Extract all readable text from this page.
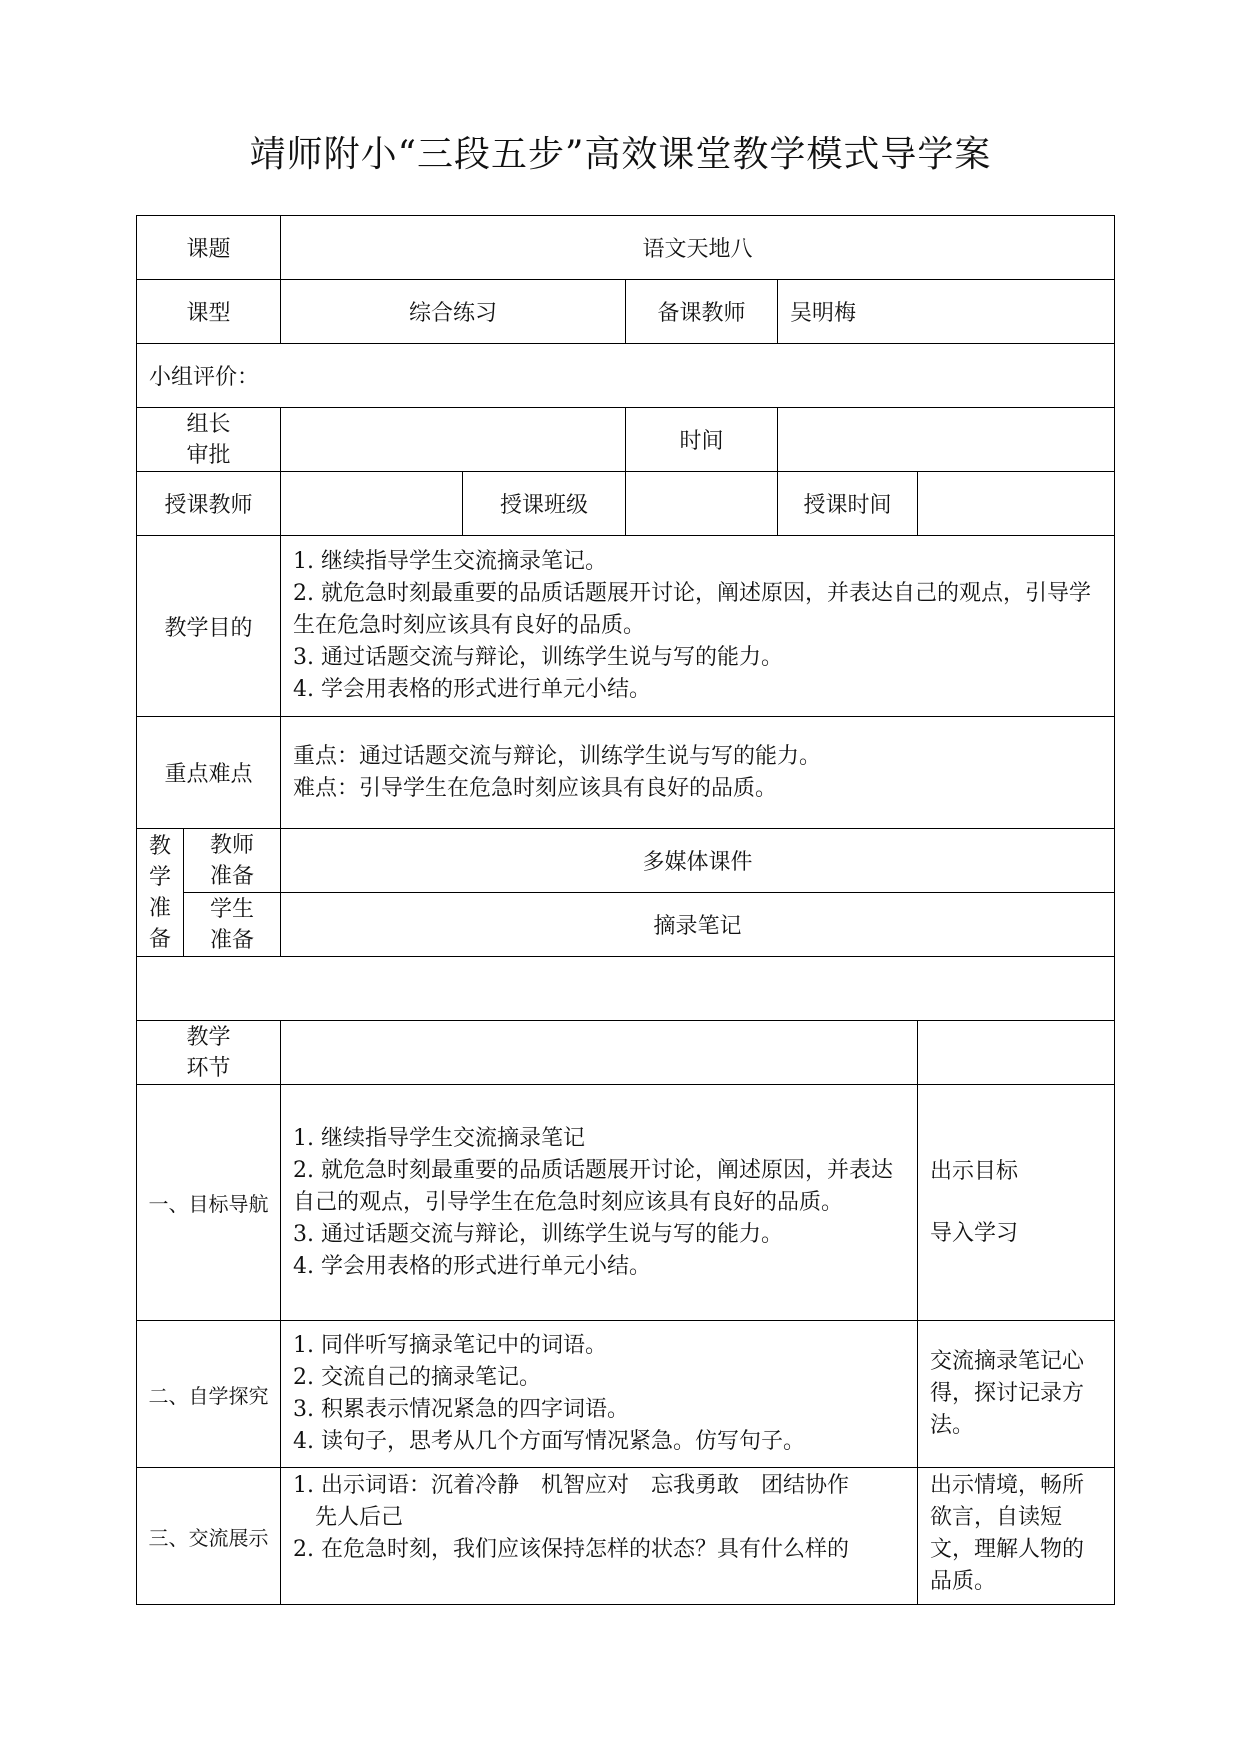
靖师附小“三段五步”高效课堂教学模式导学案
课题		语文天地八				
课型		综合练习		备课教师	吴明梅	
小组评价：						

组长
审批				时间		
授课教师			授课班级		授课时间	
教学目的		1. 继续指导学生交流摘录笔记。
2. 就危急时刻最重要的品质话题展开讨论，阐述原因，并表达自己的观点，引导学生在危急时刻应该具有良好的品质。
3. 通过话题交流与辩论，训练学生说与写的能力。
4. 学会用表格的形式进行单元小结。				

重点难点		重点：通过话题交流与辩论，训练学生说与写的能力。
难点：引导学生在危急时刻应该具有良好的品质。				

教
学
准
备	教师
准备	多媒体课件				

	学生
准备	摘录笔记				

教学
环节						

一、目标导航		1. 继续指导学生交流摘录笔记
2. 就危急时刻最重要的品质话题展开讨论，阐述原因，并表达自己的观点，引导学生在危急时刻应该具有良好的品质。
3. 通过话题交流与辩论，训练学生说与写的能力。
4. 学会用表格的形式进行单元小结。				出示目标
导入学习

二、自学探究		1. 同伴听写摘录笔记中的词语。
2. 交流自己的摘录笔记。
3. 积累表示情况紧急的四字词语。
4. 读句子，思考从几个方面写情况紧急。仿写句子。				交流摘录笔记心得，探讨记录方法。

三、交流展示		1. 出示词语：沉着冷静　机智应对　忘我勇敢　团结协作
　先人后己
2. 在危急时刻，我们应该保持怎样的状态？具有什么样的				出示情境，畅所欲言，自读短文，理解人物的品质。
